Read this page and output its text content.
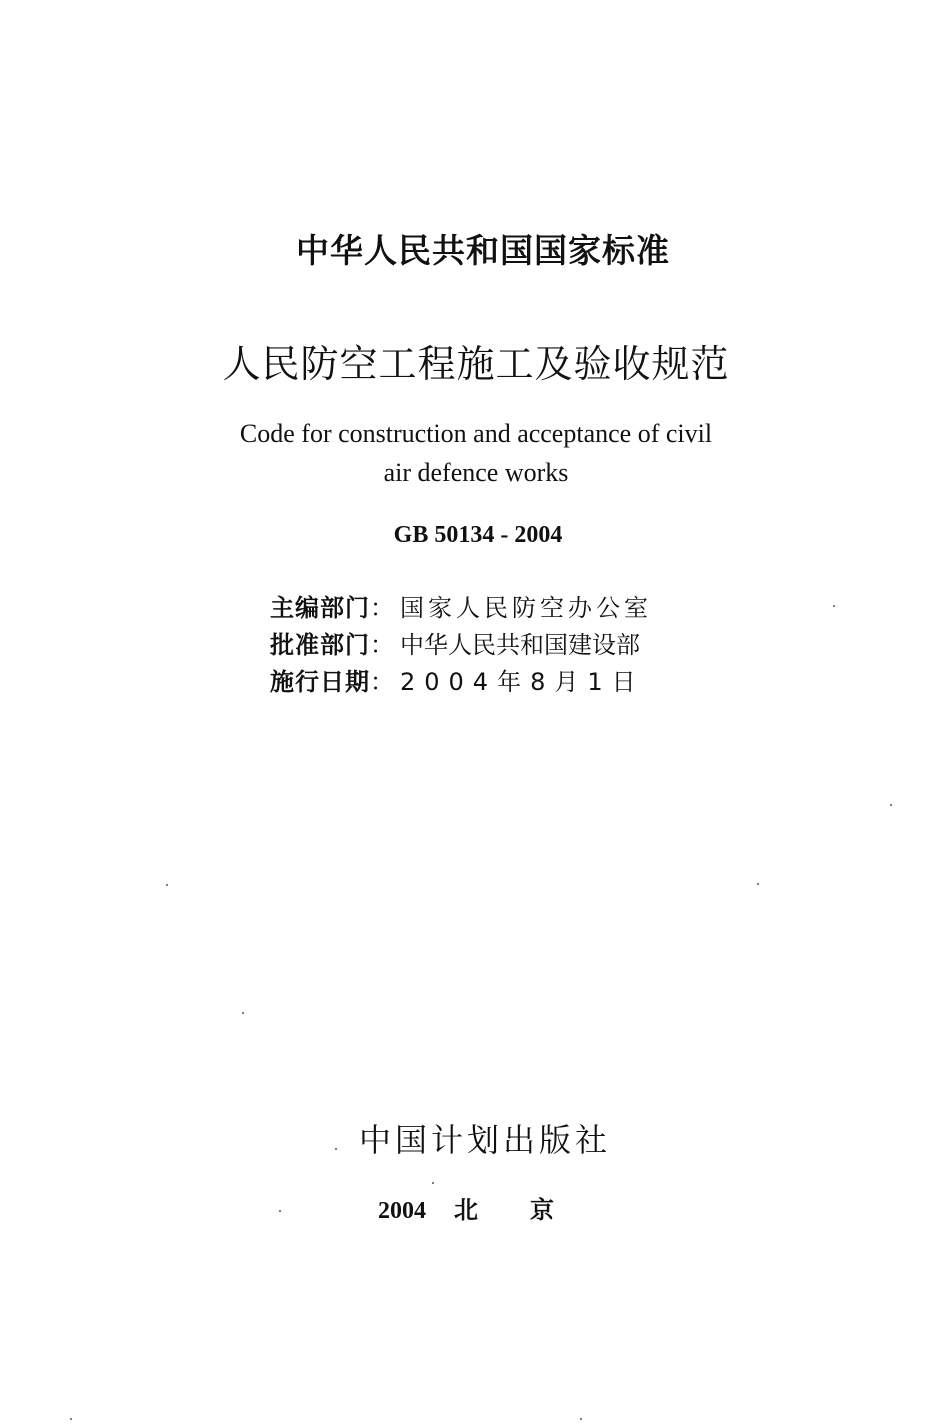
中华人民共和国国家标准
人民防空工程施工及验收规范
Code for construction and acceptance of civil
air defence works
GB 50134 - 2004
主编部门： 国家人民防空办公室
批准部门： 中华人民共和国建设部
施行日期： 2004年8月1日
中国计划出版社
2004 北京
